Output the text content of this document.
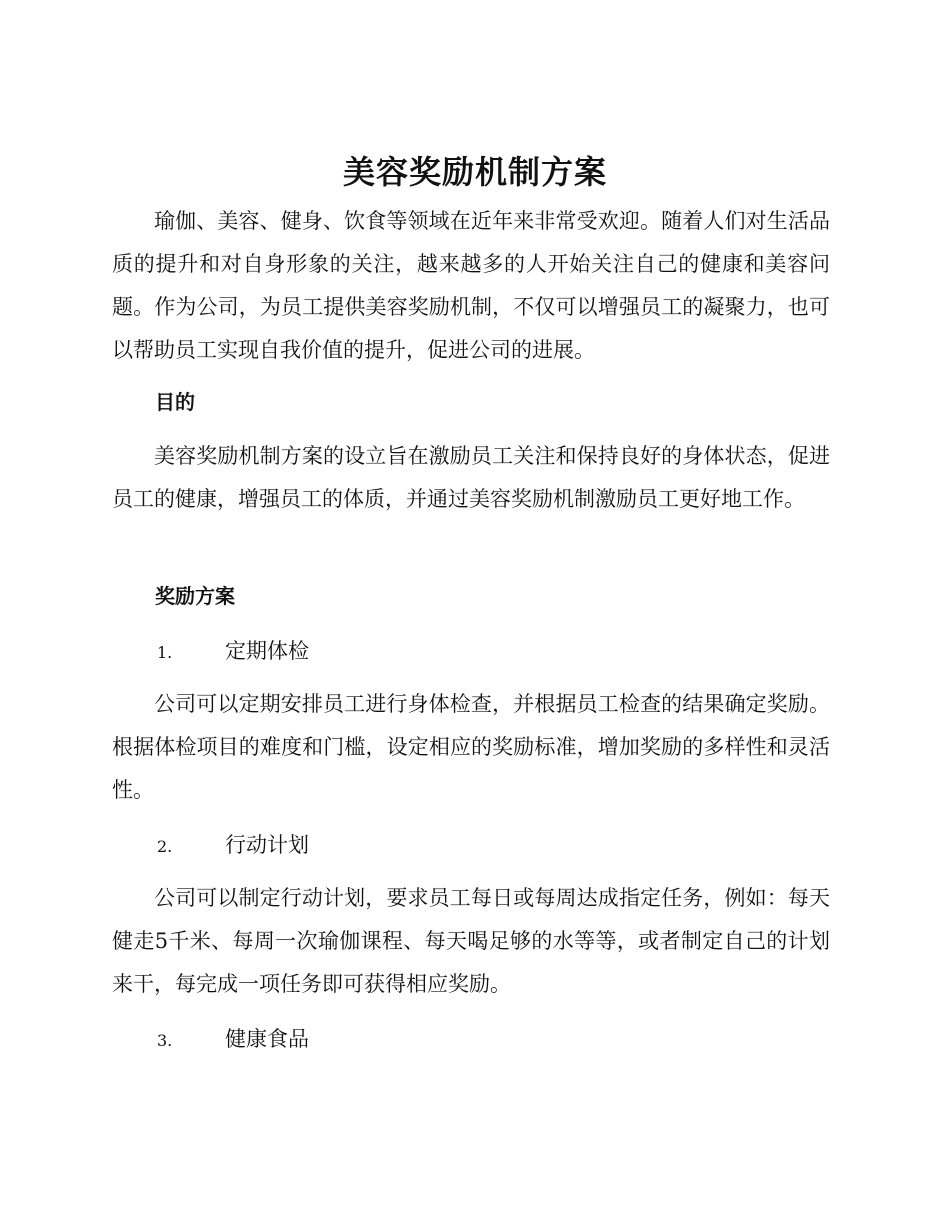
美容奖励机制方案
瑜伽、美容、健身、饮食等领域在近年来非常受欢迎。随着人们对生活品质的提升和对自身形象的关注，越来越多的人开始关注自己的健康和美容问题。作为公司，为员工提供美容奖励机制，不仅可以增强员工的凝聚力，也可以帮助员工实现自我价值的提升，促进公司的进展。
目的
美容奖励机制方案的设立旨在激励员工关注和保持良好的身体状态，促进员工的健康，增强员工的体质，并通过美容奖励机制激励员工更好地工作。
奖励方案
1.	定期体检
公司可以定期安排员工进行身体检查，并根据员工检查的结果确定奖励。根据体检项目的难度和门槛，设定相应的奖励标准，增加奖励的多样性和灵活性。
2.	行动计划
公司可以制定行动计划，要求员工每日或每周达成指定任务，例如：每天健走5千米、每周一次瑜伽课程、每天喝足够的水等等，或者制定自己的计划来干，每完成一项任务即可获得相应奖励。
3.	健康食品
